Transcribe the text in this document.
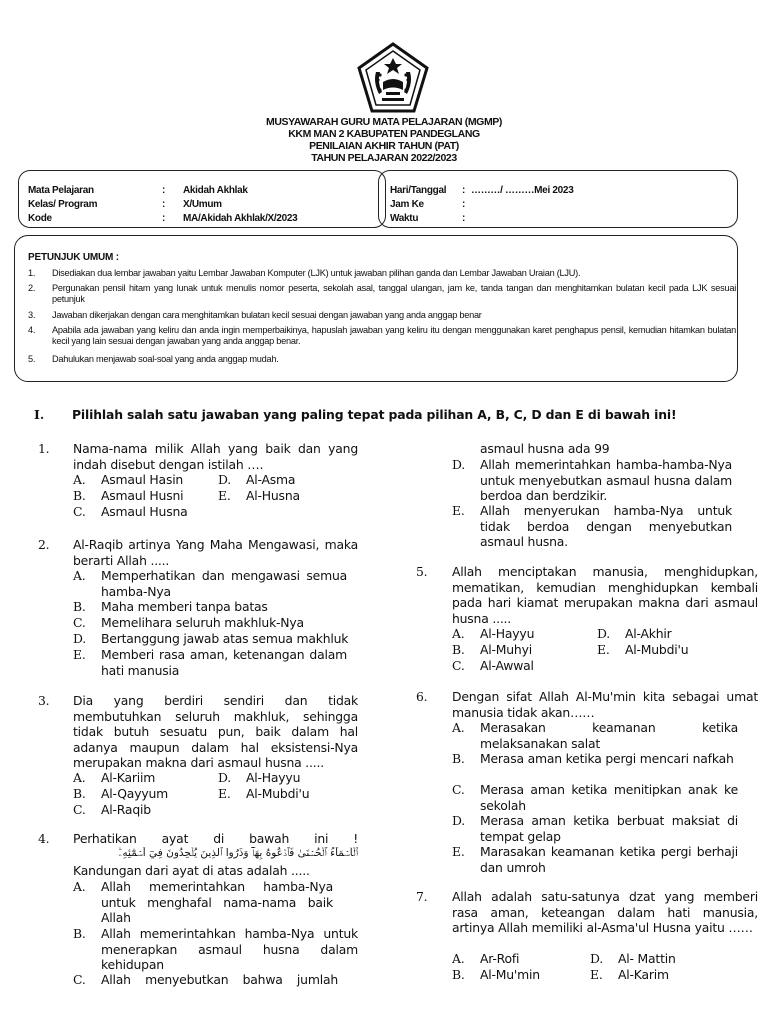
MUSYAWARAH GURU MATA PELAJARAN (MGMP)
KKM MAN 2 KABUPATEN PANDEGLANG
PENILAIAN AKHIR TAHUN (PAT)
TAHUN PELAJARAN 2022/2023
Mata Pelajaran	: Akidah Akhlak
Kelas/ Program	: X/Umum
Kode	: MA/Akidah Akhlak/X/2023
Hari/Tanggal : ………/ ………Mei 2023
Jam Ke	:
Waktu	:
PETUNJUK UMUM :
1. Disediakan dua lembar jawaban yaitu Lembar Jawaban Komputer (LJK) untuk jawaban pilihan ganda dan Lembar Jawaban Uraian (LJU).
2. Pergunakan pensil hitam yang lunak untuk menulis nomor peserta, sekolah asal, tanggal ulangan, jam ke, tanda tangan dan menghitamkan bulatan kecil pada LJK sesuai petunjuk
3. Jawaban dikerjakan dengan cara menghitamkan bulatan kecil sesuai dengan jawaban yang anda anggap benar
4. Apabila ada jawaban yang keliru dan anda ingin memperbaikinya, hapuslah jawaban yang keliru itu dengan menggunakan karet penghapus pensil, kemudian hitamkan bulatan kecil yang lain sesuai dengan jawaban yang anda anggap benar.
5. Dahulukan menjawab soal-soal yang anda anggap mudah.
I. Pilihlah salah satu jawaban yang paling tepat pada pilihan A, B, C, D dan E di bawah ini!
1. Nama-nama milik Allah yang baik dan yang indah disebut dengan istilah ….
A. Asmaul Hasin	D. Al-Asma
B. Asmaul Husni	E. Al-Husna
C. Asmaul Husna
2. Al-Raqib artinya Yang Maha Mengawasi, maka berarti Allah .....
A. Memperhatikan dan mengawasi semua hamba-Nya
B. Maha memberi tanpa batas
C. Memelihara seluruh makhluk-Nya
D. Bertanggung jawab atas semua makhluk
E. Memberi rasa aman, ketenangan dalam hati manusia
3. Dia yang berdiri sendiri dan tidak membutuhkan seluruh makhluk, sehingga tidak butuh sesuatu pun, baik dalam hal adanya maupun dalam hal eksistensi-Nya merupakan makna dari asmaul husna .....
A. Al-Kariim	D. Al-Hayyu
B. Al-Qayyum	E. Al-Mubdi'u
C. Al-Raqib
4. Perhatikan ayat di bawah ini !
ٱلۡأَسۡمَآءُ ٱلۡحُسۡنَىٰ فَٱدۡعُوهُ بِهَاۖ وَذَرُواْ ٱلَّذِينَ يُلۡحِدُونَ فِيٓ أَسۡمَٰٓئِهِۦۚ
Kandungan dari ayat di atas adalah .....
A. Allah memerintahkan hamba-Nya untuk menghafal nama-nama baik Allah
B. Allah memerintahkan hamba-Nya untuk menerapkan asmaul husna dalam kehidupan
C. Allah menyebutkan bahwa jumlah
asmaul husna ada 99
D. Allah memerintahkan hamba-hamba-Nya untuk menyebutkan asmaul husna dalam berdoa dan berdzikir.
E. Allah menyerukan hamba-Nya untuk tidak berdoa dengan menyebutkan asmaul husna.
5. Allah menciptakan manusia, menghidupkan, mematikan, kemudian menghidupkan kembali pada hari kiamat merupakan makna dari asmaul husna .....
A. Al-Hayyu	D. Al-Akhir
B. Al-Muhyi	E. Al-Mubdi'u
C. Al-Awwal
6. Dengan sifat Allah Al-Mu'min kita sebagai umat manusia tidak akan……
A. Merasakan keamanan ketika melaksanakan salat
B. Merasa aman ketika pergi mencari nafkah
C. Merasa aman ketika menitipkan anak ke sekolah
D. Merasa aman ketika berbuat maksiat di tempat gelap
E. Marasakan keamanan ketika pergi berhaji dan umroh
7. Allah adalah satu-satunya dzat yang memberi rasa aman, keteangan dalam hati manusia, artinya Allah memiliki al-Asma'ul Husna yaitu ……
A. Ar-Rofi	D. Al- Mattin
B. Al-Mu'min	E. Al-Karim
